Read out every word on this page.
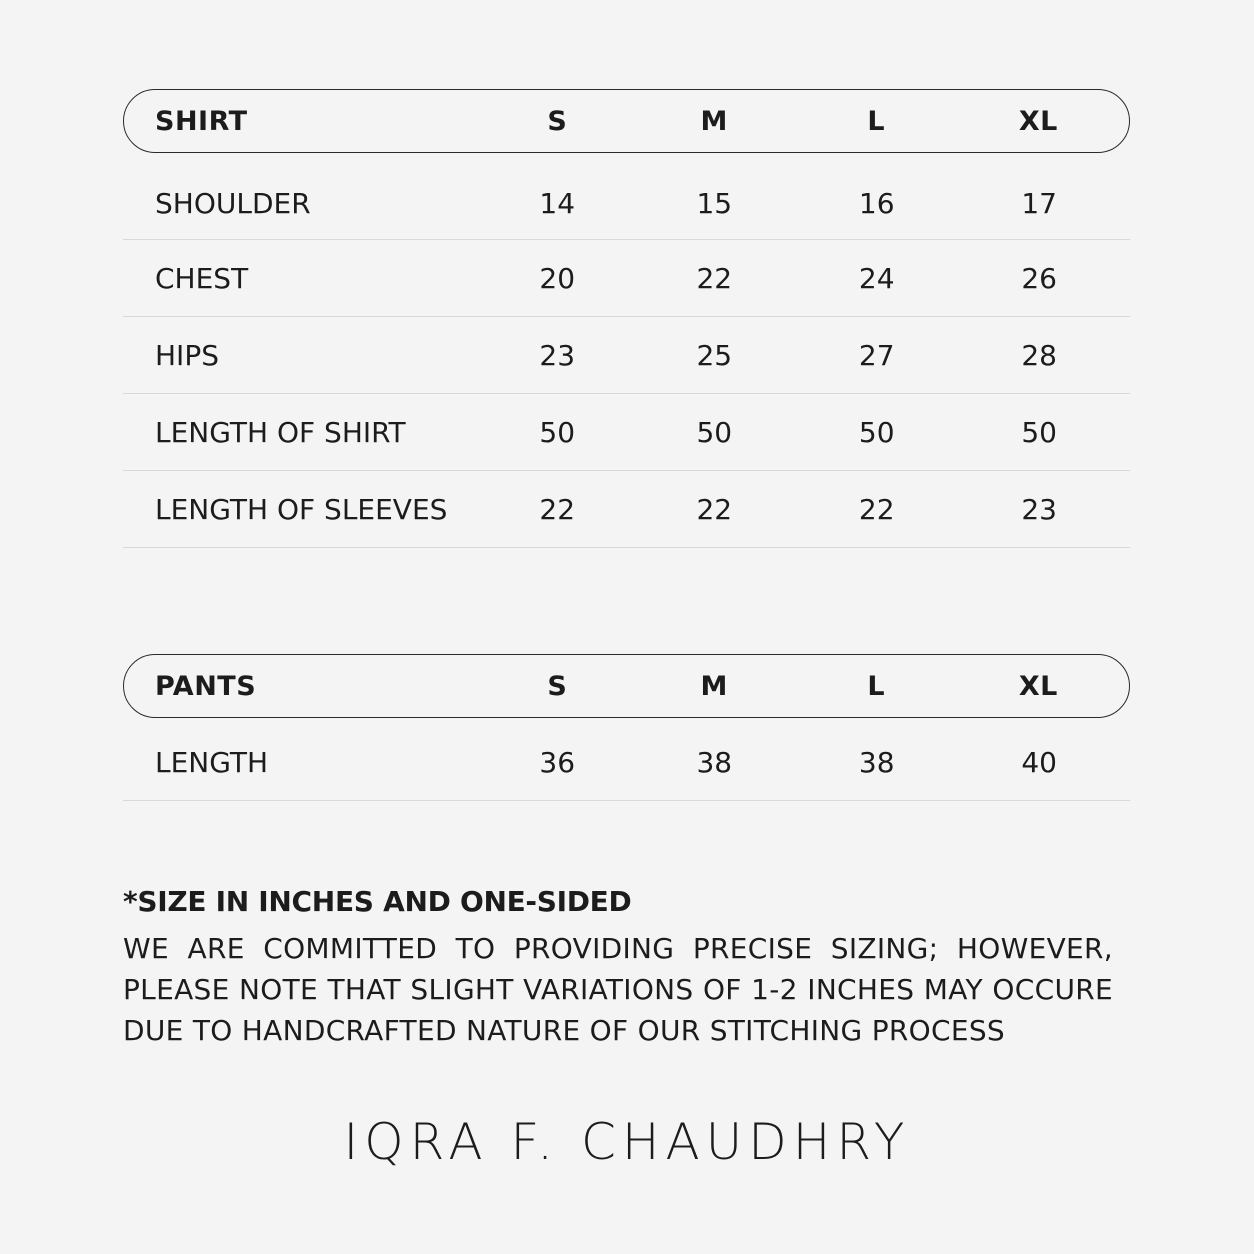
SHIRT	S	M	L	XL
SHOULDER	14	15	16	17
CHEST	20	22	24	26
HIPS	23	25	27	28
LENGTH OF SHIRT	50	50	50	50
LENGTH OF SLEEVES	22	22	22	23
PANTS	S	M	L	XL
LENGTH	36	38	38	40
*SIZE IN INCHES AND ONE-SIDED
WE ARE COMMITTED TO PROVIDING PRECISE SIZING; HOWEVER, PLEASE NOTE THAT SLIGHT VARIATIONS OF 1-2 INCHES MAY OCCURE DUE TO HANDCRAFTED NATURE OF OUR STITCHING PROCESS
IQRA F. CHAUDHRY
